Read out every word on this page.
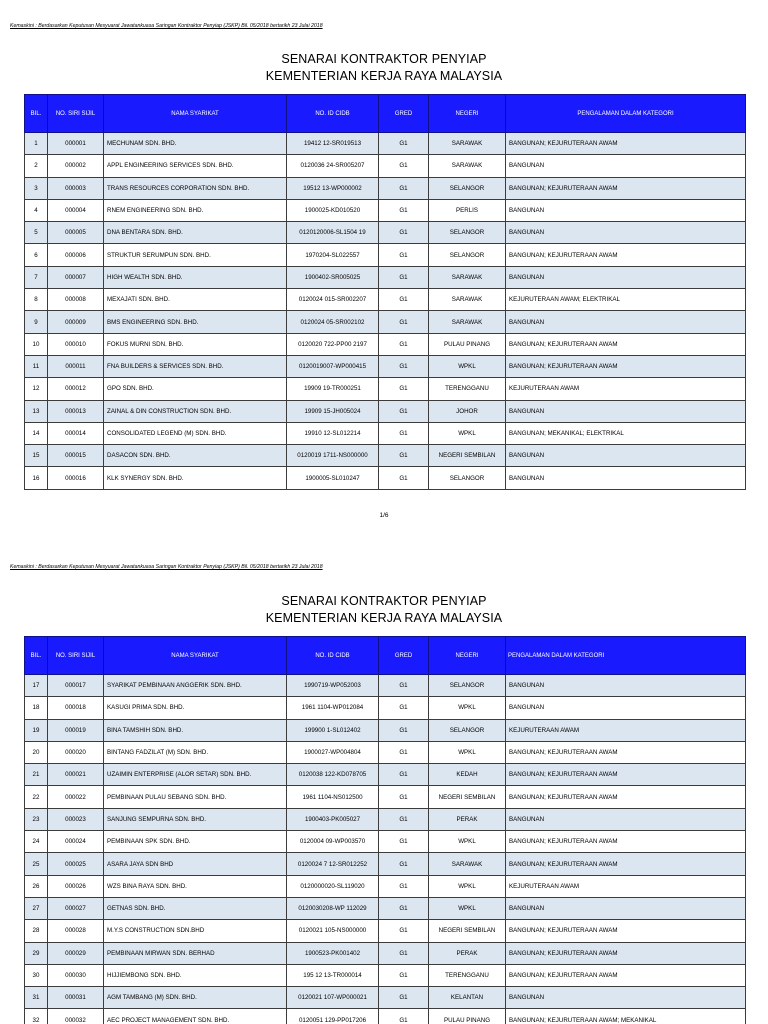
Kemaskini : Berdasarkan Keputusan Mesyuarat Jawatankuasa Saringan Kontraktor Penyiap (JSKP) Bil. 05/2018 bertarikh 23 Julai 2018
SENARAI KONTRAKTOR PENYIAP
KEMENTERIAN KERJA RAYA MALAYSIA
BIL.	NO. SIRI SIJIL	NAMA SYARIKAT	NO. ID CIDB	GRED	NEGERI	PENGALAMAN DALAM KATEGORI
1	000001	MECHUNAM SDN. BHD.	19412 12-SR019513	G1	SARAWAK	BANGUNAN; KEJURUTERAAN AWAM
2	000002	APPL ENGINEERING SERVICES SDN. BHD.	0120036 24-SR005207	G1	SARAWAK	BANGUNAN
3	000003	TRANS RESOURCES CORPORATION SDN. BHD.	19512 13-WP000002	G1	SELANGOR	BANGUNAN; KEJURUTERAAN AWAM
4	000004	RNEM ENGINEERING SDN. BHD.	1900025-KD010520	G1	PERLIS	BANGUNAN
5	000005	DNA BENTARA SDN. BHD.	0120120006-SL1504 19	G1	SELANGOR	BANGUNAN
6	000006	STRUKTUR SERUMPUN SDN. BHD.	1970204-SL022557	G1	SELANGOR	BANGUNAN; KEJURUTERAAN AWAM
7	000007	HIGH WEALTH SDN. BHD.	1900402-SR005025	G1	SARAWAK	BANGUNAN
8	000008	MEXAJATI SDN. BHD.	0120024 015-SR002207	G1	SARAWAK	KEJURUTERAAN AWAM; ELEKTRIKAL
9	000009	BMS ENGINEERING SDN. BHD.	0120024 05-SR002102	G1	SARAWAK	BANGUNAN
10	000010	FOKUS MURNI SDN. BHD.	0120020 722-PP00 2197	G1	PULAU PINANG	BANGUNAN; KEJURUTERAAN AWAM
11	000011	FNA BUILDERS & SERVICES SDN. BHD.	0120019007-WP000415	G1	WPKL	BANGUNAN; KEJURUTERAAN AWAM
12	000012	GPO SDN. BHD.	19909 19-TR000251	G1	TERENGGANU	KEJURUTERAAN AWAM
13	000013	ZAINAL & DIN CONSTRUCTION SDN. BHD.	19909 15-JH005024	G1	JOHOR	BANGUNAN
14	000014	CONSOLIDATED LEGEND (M) SDN. BHD.	19910 12-SL012214	G1	WPKL	BANGUNAN; MEKANIKAL; ELEKTRIKAL
15	000015	DASACON SDN. BHD.	0120019 1711-NS000000	G1	NEGERI SEMBILAN	BANGUNAN
16	000016	KLK SYNERGY SDN. BHD.	1900005-SL010247	G1	SELANGOR	BANGUNAN
1/6
Kemaskini : Berdasarkan Keputusan Mesyuarat Jawatankuasa Saringan Kontraktor Penyiap (JSKP) Bil. 05/2018 bertarikh 23 Julai 2018
SENARAI KONTRAKTOR PENYIAP
KEMENTERIAN KERJA RAYA MALAYSIA
BIL.	NO. SIRI SIJIL	NAMA SYARIKAT	NO. ID CIDB	GRED	NEGERI	PENGALAMAN DALAM KATEGORI
17	000017	SYARIKAT PEMBINAAN ANGGERIK SDN. BHD.	1990719-WP052003	G1	SELANGOR	BANGUNAN
18	000018	KASUGI PRIMA SDN. BHD.	1961 1104-WP012084	G1	WPKL	BANGUNAN
19	000019	BINA TAMSHIH SDN. BHD.	199900 1-SL012402	G1	SELANGOR	KEJURUTERAAN AWAM
20	000020	BINTANG FADZILAT (M) SDN. BHD.	1900027-WP004804	G1	WPKL	BANGUNAN; KEJURUTERAAN AWAM
21	000021	UZAIMIN ENTERPRISE (ALOR SETAR) SDN. BHD.	0120038 122-KD078705	G1	KEDAH	BANGUNAN; KEJURUTERAAN AWAM
22	000022	PEMBINAAN PULAU SEBANG SDN. BHD.	1961 1104-NS012500	G1	NEGERI SEMBILAN	BANGUNAN; KEJURUTERAAN AWAM
23	000023	SANJUNG SEMPURNA SDN. BHD.	1900403-PK005027	G1	PERAK	BANGUNAN
24	000024	PEMBINAAN SPK SDN. BHD.	0120004 09-WP003570	G1	WPKL	BANGUNAN; KEJURUTERAAN AWAM
25	000025	ASARA JAYA SDN BHD	0120024 7 12-SR012252	G1	SARAWAK	BANGUNAN; KEJURUTERAAN AWAM
26	000026	WZS BINA RAYA SDN. BHD.	0120000020-SL119020	G1	WPKL	KEJURUTERAAN AWAM
27	000027	GETNAS SDN. BHD.	0120030208-WP 112029	G1	WPKL	BANGUNAN
28	000028	M.Y.S CONSTRUCTION SDN.BHD	0120021 105-NS000000	G1	NEGERI SEMBILAN	BANGUNAN; KEJURUTERAAN AWAM
29	000029	PEMBINAAN MIRWAN SDN. BERHAD	1900523-PK001402	G1	PERAK	BANGUNAN; KEJURUTERAAN AWAM
30	000030	HIJJIEMBONG SDN. BHD.	195 12 13-TR000014	G1	TERENGGANU	BANGUNAN; KEJURUTERAAN AWAM
31	000031	AGM TAMBANG (M) SDN. BHD.	0120021 107-WP000021	G1	KELANTAN	BANGUNAN
32	000032	AEC PROJECT MANAGEMENT SDN. BHD.	0120051 129-PP017206	G1	PULAU PINANG	BANGUNAN; KEJURUTERAAN AWAM; MEKANIKAL
